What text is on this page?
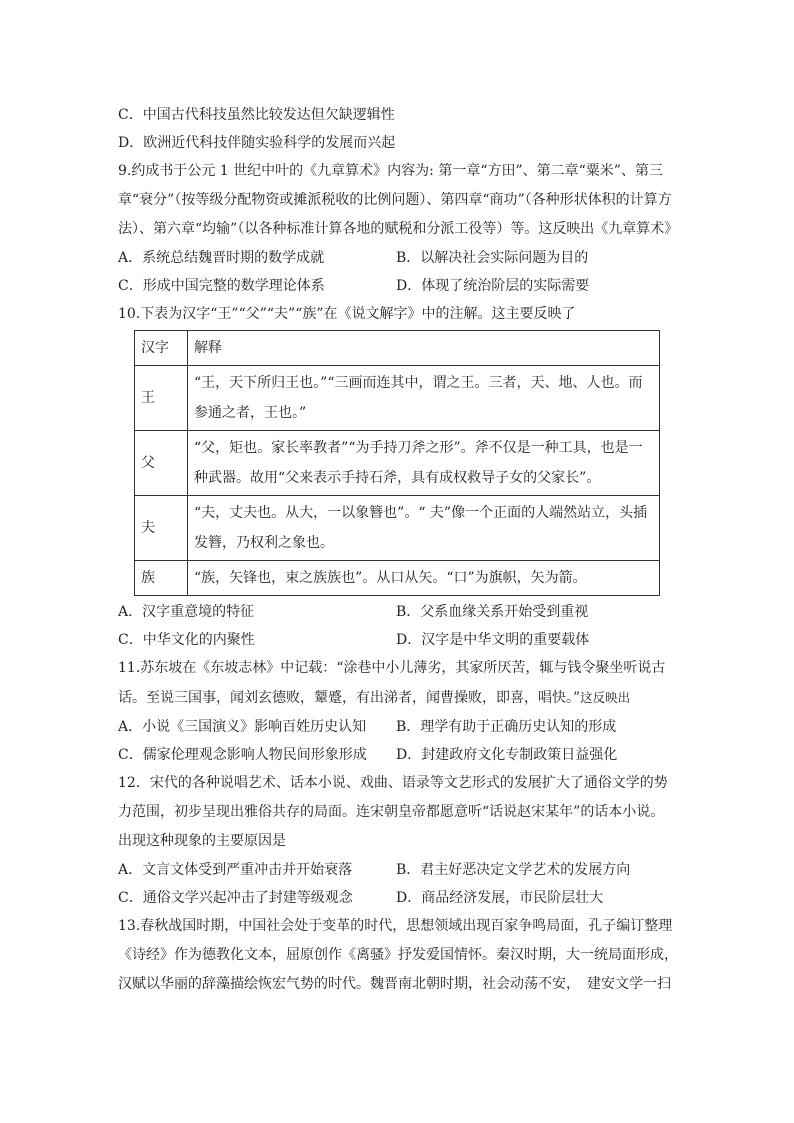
C．中国古代科技虽然比较发达但欠缺逻辑性
D．欧洲近代科技伴随实验科学的发展而兴起
9.约成书于公元 1 世纪中叶的《九章算术》内容为: 第一章“方田”、第二章“粟米”、第三章“衰分”（按等级分配物资或摊派税收的比例问题）、第四章“商功”（各种形状体积的计算方法）、第六章“均输”（以各种标准计算各地的赋税和分派工役等）等。这反映出《九章算术》
A．系统总结魏晋时期的数学成就	B．以解决社会实际问题为目的
C．形成中国完整的数学理论体系	D．体现了统治阶层的实际需要
10.下表为汉字“王”“父”“夫”“族”在《说文解字》中的注解。这主要反映了
汉字	解释
王	“王，天下所归王也。”“三画而连其中，谓之王。三者，天、地、人也。而参通之者，王也。”
父	“父，矩也。家长率教者”“为手持刀斧之形”。斧不仅是一种工具，也是一种武器。故用“父来表示手持石斧，具有成权救导子女的父家长”。
夫	“夫，丈夫也。从大，一以象簪也”。“ 夫”像一个正面的人端然站立，头插发簪，乃权利之象也。
族	“族，矢锋也，束之族族也”。从口从矢。“口”为旗帜，矢为箭。
A．汉字重意境的特征	B．父系血缘关系开始受到重视
C．中华文化的内聚性	D．汉字是中华文明的重要载体
11.苏东坡在《东坡志林》中记载：“涂巷中小儿薄劣，其家所厌苦，辄与钱令聚坐听说古话。至说三国事，闻刘玄德败，颦蹙，有出涕者，闻曹操败，即喜，唱快。”这反映出
A．小说《三国演义》影响百姓历史认知	B．理学有助于正确历史认知的形成
C．儒家伦理观念影响人物民间形象形成	D．封建政府文化专制政策日益强化
12．宋代的各种说唱艺术、话本小说、戏曲、语录等文艺形式的发展扩大了通俗文学的势力范围，初步呈现出雅俗共存的局面。连宋朝皇帝都愿意听“话说赵宋某年”的话本小说。出现这种现象的主要原因是
A．文言文体受到严重冲击并开始衰落	B．君主好恶决定文学艺术的发展方向
C．通俗文学兴起冲击了封建等级观念	D．商品经济发展，市民阶层壮大
13.春秋战国时期，中国社会处于变革的时代，思想领域出现百家争鸣局面，孔子编订整理《诗经》作为德教化文本，屈原创作《离骚》抒发爱国情怀。秦汉时期，大一统局面形成，汉赋以华丽的辞藻描绘恢宏气势的时代。魏晋南北朝时期，社会动荡不安，　建安文学一扫
